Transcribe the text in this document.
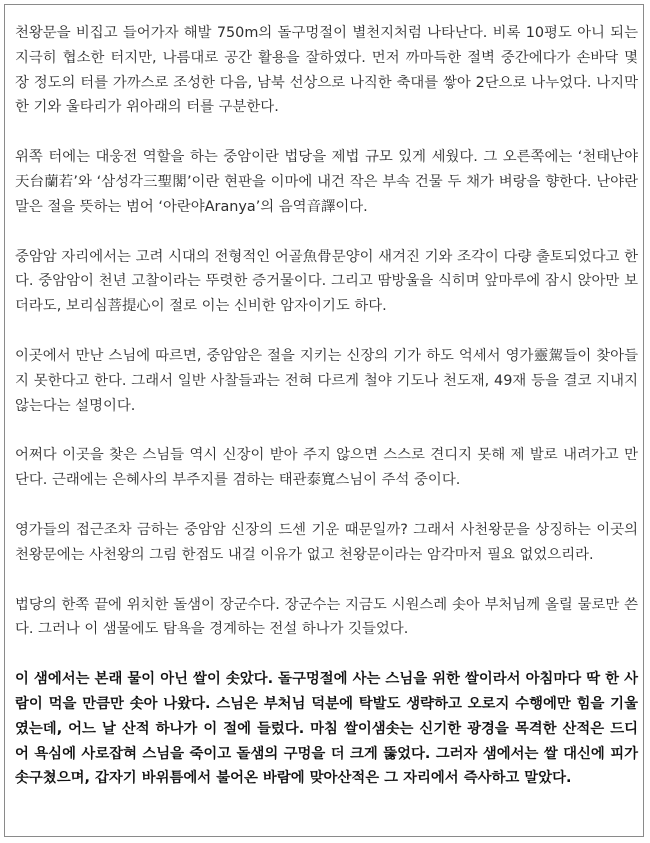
천왕문을 비집고 들어가자 해발 750m의 돌구멍절이 별천지처럼 나타난다. 비록 10평도 아니 되는 지극히 협소한 터지만, 나름대로 공간 활용을 잘하였다. 먼저 까마득한 절벽 중간에다가 손바닥 몇 장 정도의 터를 가까스로 조성한 다음, 남북 선상으로 나직한 축대를 쌓아 2단으로 나누었다. 나지막한 기와 울타리가 위아래의 터를 구분한다.

위쪽 터에는 대웅전 역할을 하는 중암이란 법당을 제법 규모 있게 세웠다. 그 오른쪽에는 ‘천태난야天台蘭若’와 ‘삼성각三聖閣’이란 현판을 이마에 내건 작은 부속 건물 두 채가 벼랑을 향한다. 난야란 말은 절을 뜻하는 범어 ‘아란야Aranya’의 음역音譯이다.

중암암 자리에서는 고려 시대의 전형적인 어골魚骨문양이 새겨진 기와 조각이 다량 출토되었다고 한다. 중암암이 천년 고찰이라는 뚜렷한 증거물이다. 그리고 땀방울을 식히며 앞마루에 잠시 앉아만 보더라도, 보리심菩提心이 절로 이는 신비한 암자이기도 하다.

이곳에서 만난 스님에 따르면, 중암암은 절을 지키는 신장의 기가 하도 억세서 영가靈駕들이 찾아들지 못한다고 한다. 그래서 일반 사찰들과는 전혀 다르게 철야 기도나 천도재, 49재 등을 결코 지내지 않는다는 설명이다.

어쩌다 이곳을 찾은 스님들 역시 신장이 받아 주지 않으면 스스로 견디지 못해 제 발로 내려가고 만단다. 근래에는 은혜사의 부주지를 겸하는 태관泰寬스님이 주석 중이다.

영가들의 접근조차 금하는 중암암 신장의 드센 기운 때문일까? 그래서 사천왕문을 상징하는 이곳의 천왕문에는 사천왕의 그림 한점도 내걸 이유가 없고 천왕문이라는 암각마저 필요 없었으리라.

법당의 한쪽 끝에 위치한 돌샘이 장군수다. 장군수는 지금도 시원스레 솟아 부처님께 올릴 물로만 쓴다. 그러나 이 샘물에도 탐욕을 경계하는 전설 하나가 깃들었다.

이 샘에서는 본래 물이 아닌 쌀이 솟았다. 돌구멍절에 사는 스님을 위한 쌀이라서 아침마다 딱 한 사람이 먹을 만큼만 솟아 나왔다. 스님은 부처님 덕분에 탁발도 생략하고 오로지 수행에만 힘을 기울였는데, 어느 날 산적 하나가 이 절에 들렀다. 마침 쌀이샘솟는 신기한 광경을 목격한 산적은 드디어 욕심에 사로잡혀 스님을 죽이고 돌샘의 구멍을 더 크게 뚫었다. 그러자 샘에서는 쌀 대신에 피가 솟구쳤으며, 갑자기 바위틈에서 불어온 바람에 맞아산적은 그 자리에서 즉사하고 말았다.
